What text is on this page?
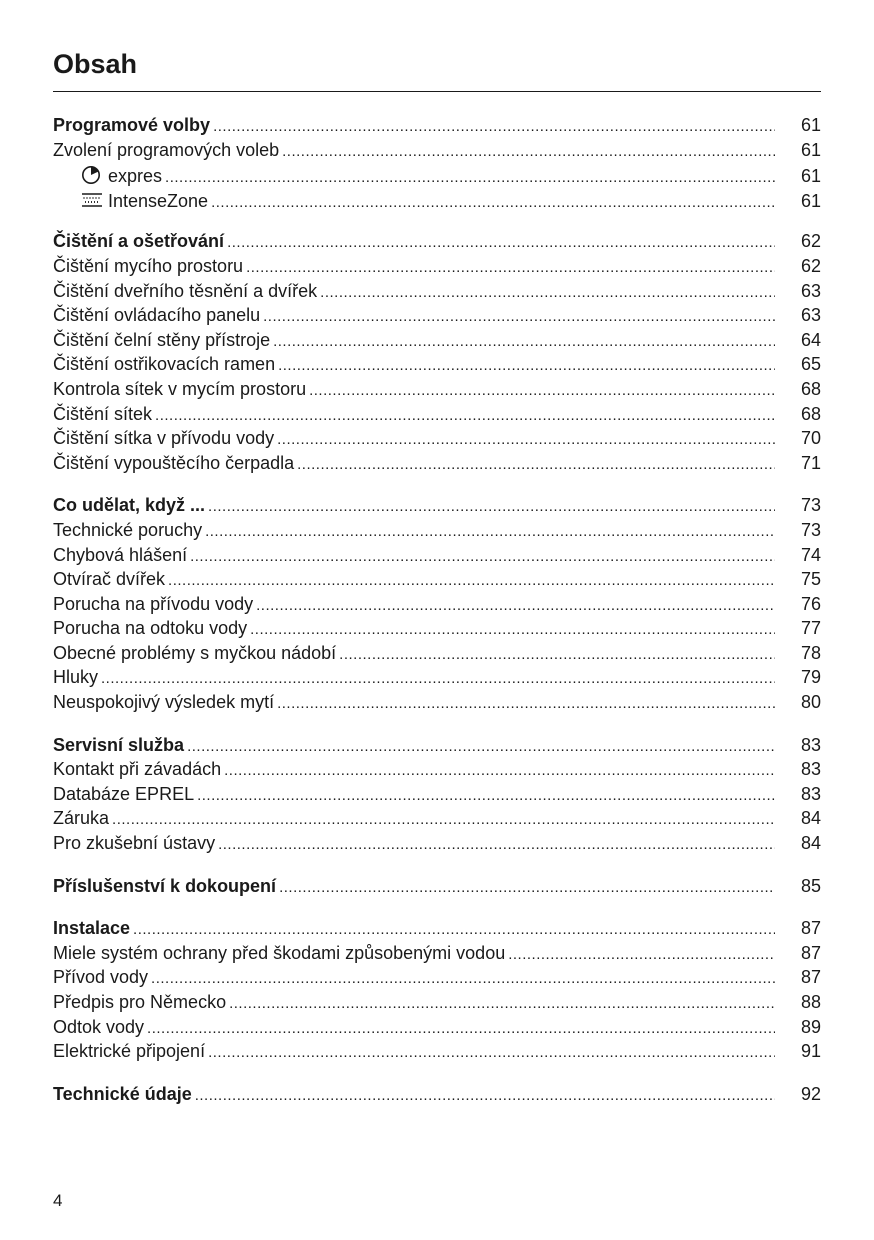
Obsah
Programové volby .....	61
Zvolení programových voleb .....	61
expres .....	61
IntenseZone .....	61
Čištění a ošetřování .....	62
Čištění mycího prostoru .....	62
Čištění dveřního těsnění a dvířek .....	63
Čištění ovládacího panelu .....	63
Čištění čelní stěny přístroje .....	64
Čištění ostřikovacích ramen .....	65
Kontrola sítek v mycím prostoru .....	68
Čištění sítek .....	68
Čištění sítka v přívodu vody .....	70
Čištění vypouštěcího čerpadla .....	71
Co udělat, když ... .....	73
Technické poruchy .....	73
Chybová hlášení .....	74
Otvírač dvířek .....	75
Porucha na přívodu vody .....	76
Porucha na odtoku vody .....	77
Obecné problémy s myčkou nádobí .....	78
Hluky .....	79
Neuspokojivý výsledek mytí .....	80
Servisní služba .....	83
Kontakt při závadách .....	83
Databáze EPREL .....	83
Záruka .....	84
Pro zkušební ústavy .....	84
Příslušenství k dokoupení .....	85
Instalace .....	87
Miele systém ochrany před škodami způsobenými vodou .....	87
Přívod vody .....	87
Předpis pro Německo .....	88
Odtok vody .....	89
Elektrické připojení .....	91
Technické údaje .....	92
4
